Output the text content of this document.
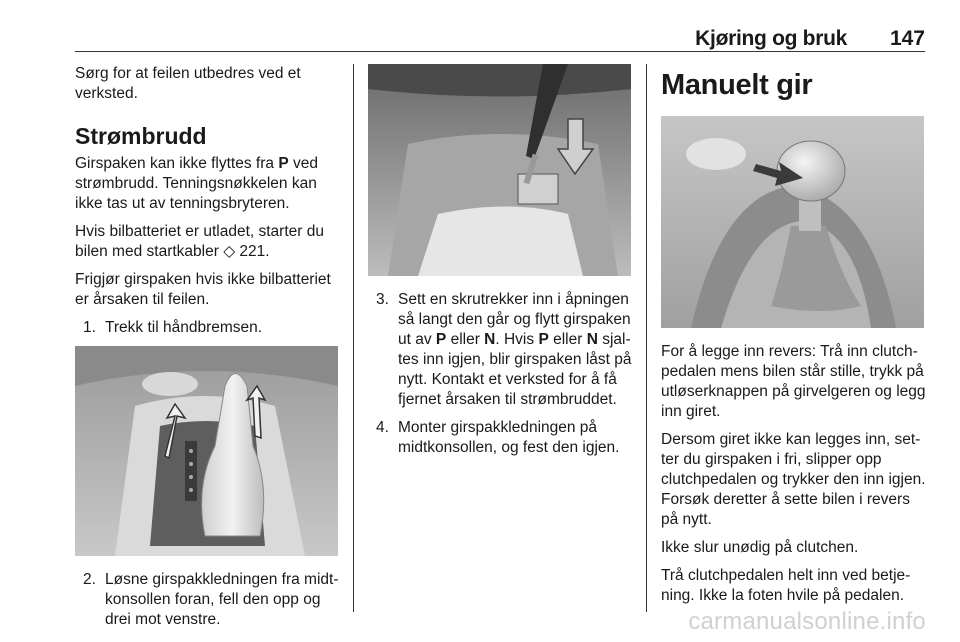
Kjøring og bruk 147

Sørg for at feilen utbedres ved et verksted.

Strømbrudd

Girspaken kan ikke flyttes fra P ved strømbrudd. Tenningsnøkkelen kan ikke tas ut av tenningsbryteren.

Hvis bilbatteriet er utladet, starter du bilen med startkabler ◇ 221.

Frigjør girspaken hvis ikke bilbatteriet er årsaken til feilen.

1. Trekk til håndbremsen.
2. Løsne girspakkledningen fra midt-konsollen foran, fell den opp og drei mot venstre.
3. Sett en skrutrekker inn i åpningen så langt den går og flytt girspaken ut av P eller N. Hvis P eller N sjal-tes inn igjen, blir girspaken låst på nytt. Kontakt et verksted for å få fjernet årsaken til strømbruddet.
4. Monter girspakkledningen på midtkonsollen, og fest den igjen.
Manuelt gir

For å legge inn revers: Trå inn clutch-pedalen mens bilen står stille, trykk på utløserknappen på girvelgeren og legg inn giret.

Dersom giret ikke kan legges inn, set-ter du girspaken i fri, slipper opp clutchpedalen og trykker den inn igjen. Forsøk deretter å sette bilen i revers på nytt.

Ikke slur unødig på clutchen.

Trå clutchpedalen helt inn ved betje-ning. Ikke la foten hvile på pedalen.

carmanualsonline.info
